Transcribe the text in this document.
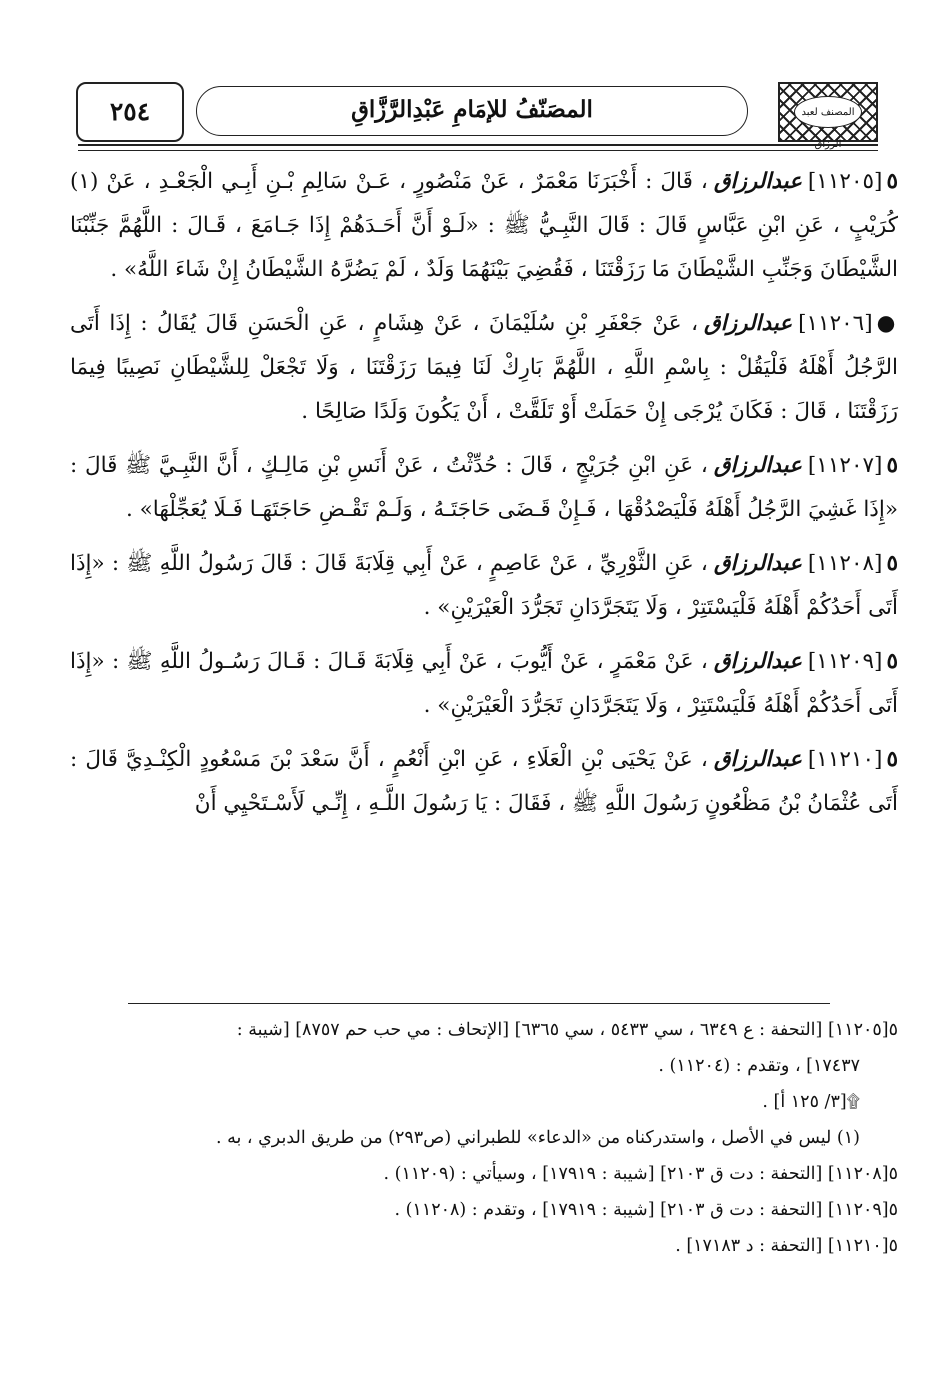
المصنف لعبد الرزاق
المصَنّفُ للإمَامِ عَبْدِالرَّزَّاقِ
٢٥٤

٥[١١٢٠٥]عبدالرزاق، قَالَ : أَخْبَرَنَا مَعْمَرٌ ، عَنْ مَنْصُورٍ ، عَـنْ سَالِمِ بْـنِ أَبِـي الْجَعْـدِ ، عَنْ (١) كُرَيْبٍ ، عَنِ ابْنِ عَبَّاسٍ قَالَ : قَالَ النَّبِـيُّ ﷺ : «لَـوْ أَنَّ أَحَـدَهُمْ إِذَا جَـامَعَ ، قَـالَ : اللَّهُمَّ جَنِّبْنَا الشَّيْطَانَ وَجَنِّبِ الشَّيْطَانَ مَا رَزَقْتَنَا ، فَقُضِيَ بَيْنَهُمَا وَلَدٌ ، لَمْ يَضُرَّهُ الشَّيْطَانُ إِنْ شَاءَ اللَّهُ» .

●[١١٢٠٦]عبدالرزاق، عَنْ جَعْفَرِ بْنِ سُلَيْمَانَ ، عَنْ هِشَامٍ ، عَنِ الْحَسَنِ قَالَ يُقَالُ : إِذَا أَتَى الرَّجُلُ أَهْلَهُ فَلْيَقُلْ : بِاسْمِ اللَّهِ ، اللَّهُمَّ بَارِكْ لَنَا فِيمَا رَزَقْتَنَا ، وَلَا تَجْعَلْ لِلشَّيْطَانِ نَصِيبًا فِيمَا رَزَقْتَنَا ، قَالَ : فَكَانَ يُرْجَى إِنْ حَمَلَتْ أَوْ تَلَقَّتْ ، أَنْ يَكُونَ وَلَدًا صَالِحًا .

٥[١١٢٠٧]عبدالرزاق، عَنِ ابْنِ جُرَيْجٍ ، قَالَ : حُدِّثْتُ ، عَنْ أَنَسِ بْنِ مَالِـكٍ ، أَنَّ النَّبِـيَّ ﷺ قَالَ : «إِذَا غَشِيَ الرَّجُلُ أَهْلَهُ فَلْيَصْدُقْهَا ، فَـإِنْ قَـضَى حَاجَتَـهُ ، وَلَـمْ تَقْـضِ حَاجَتَهَـا فَـلَا يُعَجِّلْهَا» .

٥[١١٢٠٨]عبدالرزاق، عَنِ الثَّوْرِيِّ ، عَنْ عَاصِمٍ ، عَنْ أَبِي قِلَابَةَ قَالَ : قَالَ رَسُولُ اللَّهِ ﷺ : «إِذَا أَتَى أَحَدُكُمْ أَهْلَهُ فَلْيَسْتَتِرْ ، وَلَا يَتَجَرَّدَانِ تَجَرُّدَ الْعَيْرَيْنِ» .

٥[١١٢٠٩]عبدالرزاق، عَنْ مَعْمَرٍ ، عَنْ أَيُّوبَ ، عَنْ أَبِي قِلَابَةَ قَـالَ : قَـالَ رَسُـولُ اللَّهِ ﷺ : «إِذَا أَتَى أَحَدُكُمْ أَهْلَهُ فَلْيَسْتَتِرْ ، وَلَا يَتَجَرَّدَانِ تَجَرُّدَ الْعَيْرَيْنِ» .

٥[١١٢١٠]عبدالرزاق، عَنْ يَحْيَى بْنِ الْعَلَاءِ ، عَنِ ابْنِ أَنْعُمٍ ، أَنَّ سَعْدَ بْنَ مَسْعُودٍ الْكِنْـدِيَّ قَالَ : أَتَى عُثْمَانُ بْنُ مَظْعُونٍ رَسُولَ اللَّهِ ﷺ ، فَقَالَ : يَا رَسُولَ اللَّـهِ ، إِنِّـي لَأَسْـتَحْيِي أَنْ

٥[١١٢٠٥] [التحفة : ع ٦٣٤٩ ، سي ٥٤٣٣ ، سي ٦٣٦٥] [الإتحاف : مي حب حم ٨٧٥٧] [شيبة :

١٧٤٣٧] ، وتقدم : (١١٢٠٤) .

۩[٣/ ١٢٥ أ] .

(١) ليس في الأصل ، واستدركناه من «الدعاء» للطبراني (ص٢٩٣) من طريق الدبري ، به .

٥[١١٢٠٨] [التحفة : دت ق ٢١٠٣] [شيبة : ١٧٩١٩] ، وسيأتي : (١١٢٠٩) .

٥[١١٢٠٩] [التحفة : دت ق ٢١٠٣] [شيبة : ١٧٩١٩] ، وتقدم : (١١٢٠٨) .

٥[١١٢١٠] [التحفة : د ١٧١٨٣] .
